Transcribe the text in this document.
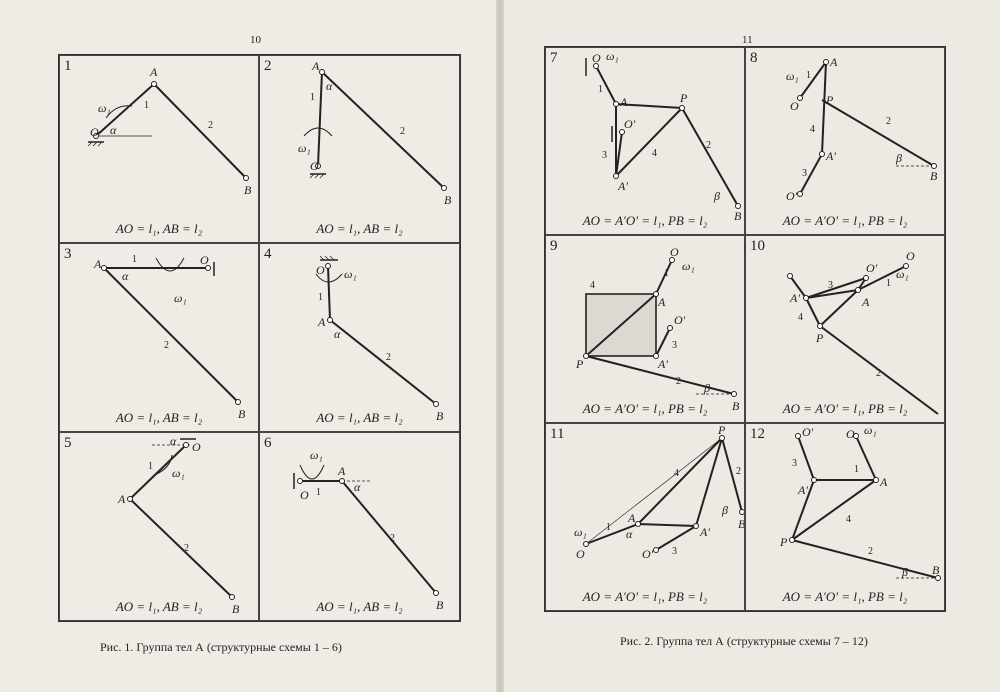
10
1
O
A
B
α
ω₁	1
2
AO = l₁, AB = l₂
2	A
O
B
α
ω₁
1
2
AO = l₁, AB = l₂
3
A	O
B
α
ω₁
1
2
AO = l₁, AB = l₂
4
O
A
B
α
ω₁
1
2
AO = l₁, AB = l₂
5	O
A
B
α
ω₁
1
2
AO = l₁, AB = l₂
6
O
A
B
α
ω₁
1
2
AO = l₁, AB = l₂
Рис. 1. Группа тел А (структурные схемы 1 – 6)
11
7	O
A
O′
A′
P
B
ω₁
β
1
2
3	4
AO = A′O′ = l₁, PB = l₂
8
O
A
P
A′
O′
B
ω₁
β
1
2
3
4
AO = A′O′ = l₁, PB = l₂
9
P
A
O
A′
O′
B
ω₁
β
1
2
3
4
AO = A′O′ = l₁, PB = l₂
10
A′	A
O′
O
P
ω₁
1
2
3
4
AO = A′O′ = l₁, PB = l₂
11
O
A
P
A′
O′
B
ω₁
β
α
1
2
3
4
AO = A′O′ = l₁, PB = l₂
12	O′	O
A′
A
P
B
ω₁
β
1
2
3
4
AO = A′O′ = l₁, PB = l₂
Рис. 2. Группа тел А (структурные схемы 7 – 12)
